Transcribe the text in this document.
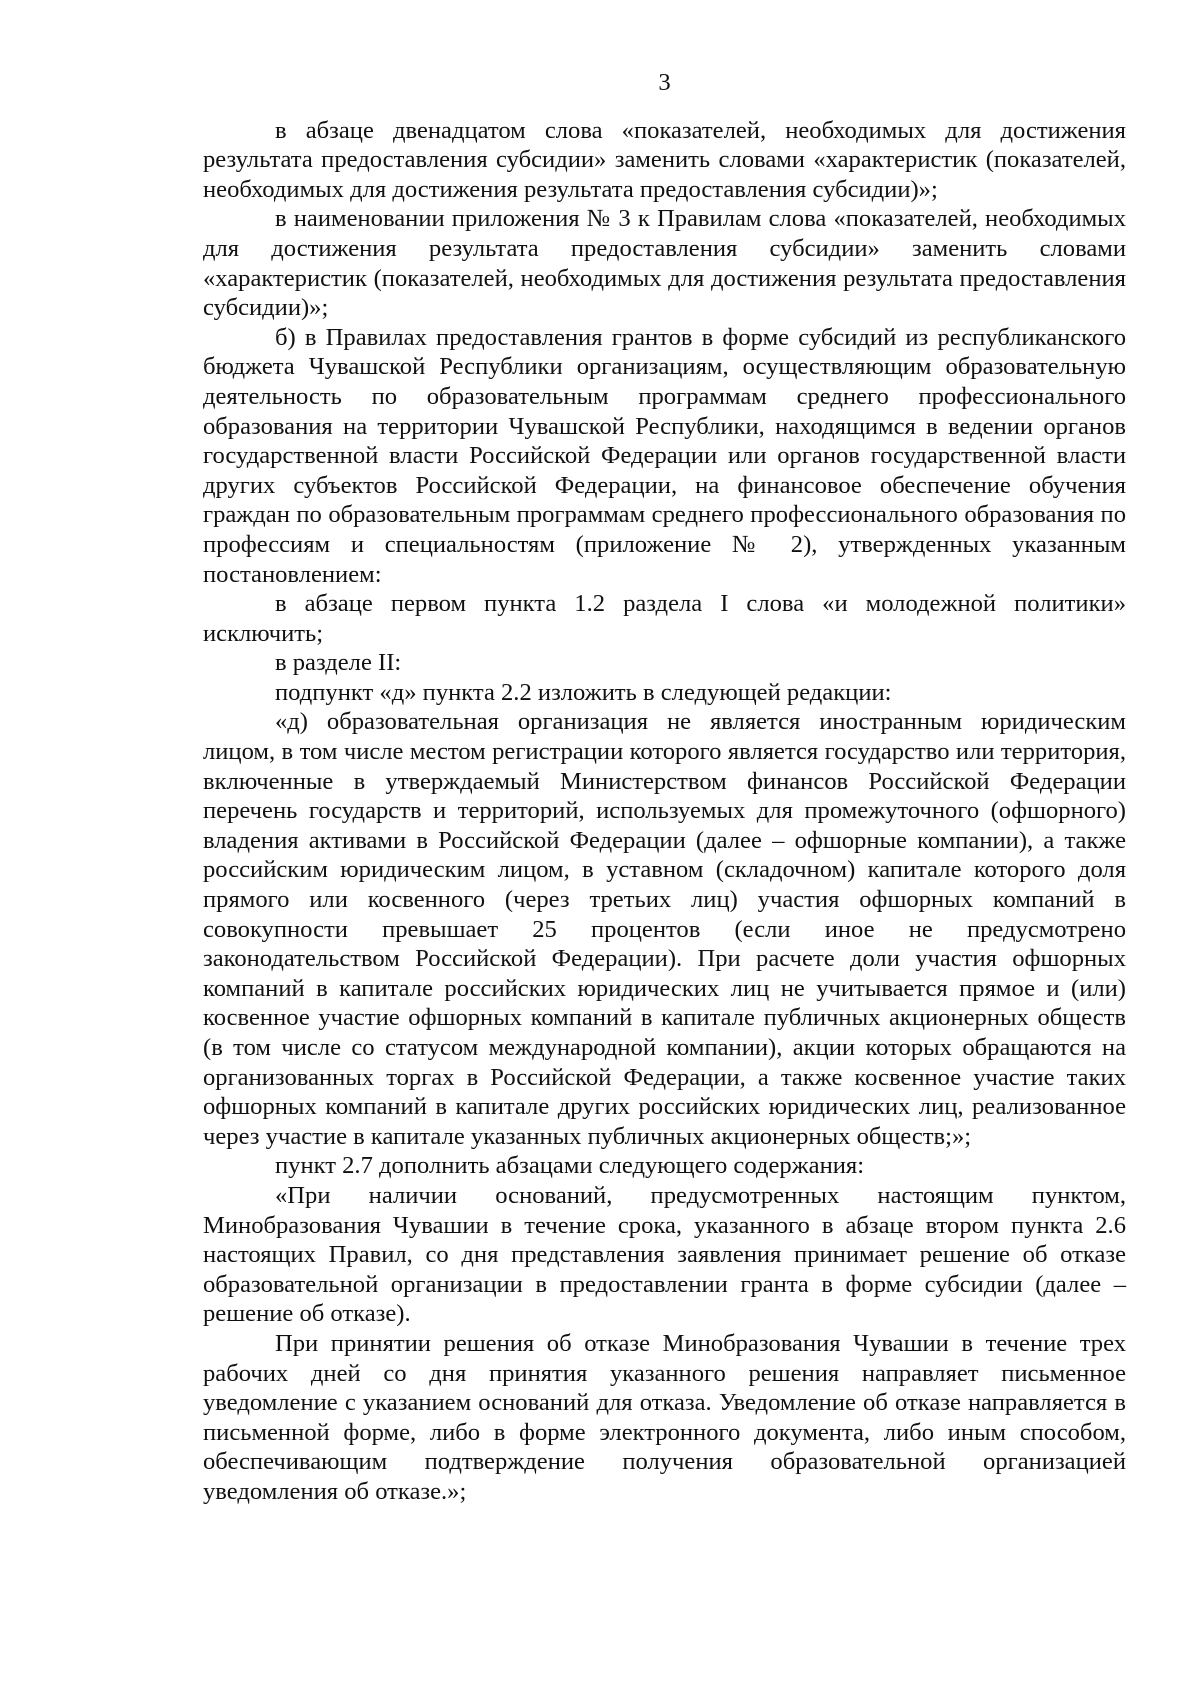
3

в абзаце двенадцатом слова «показателей, необходимых для достижения результата предоставления субсидии» заменить словами «характеристик (показателей, необходимых для достижения результата предоставления субсидии)»;

в наименовании приложения № 3 к Правилам слова «показателей, необходимых для достижения результата предоставления субсидии» заменить словами «характеристик (показателей, необходимых для достижения результата предоставления субсидии)»;

б) в Правилах предоставления грантов в форме субсидий из республиканского бюджета Чувашской Республики организациям, осуществляющим образовательную деятельность по образовательным программам среднего профессионального образования на территории Чувашской Республики, находящимся в ведении органов государственной власти Российской Федерации или органов государственной власти других субъектов Российской Федерации, на финансовое обеспечение обучения граждан по образовательным программам среднего профессионального образования по профессиям и специальностям (приложение № 2), утвержденных указанным постановлением:

в абзаце первом пункта 1.2 раздела I слова «и молодежной политики» исключить;

в разделе II:

подпункт «д» пункта 2.2 изложить в следующей редакции:

«д) образовательная организация не является иностранным юридическим лицом, в том числе местом регистрации которого является государство или территория, включенные в утверждаемый Министерством финансов Российской Федерации перечень государств и территорий, используемых для промежуточного (офшорного) владения активами в Российской Федерации (далее – офшорные компании), а также российским юридическим лицом, в уставном (складочном) капитале которого доля прямого или косвенного (через третьих лиц) участия офшорных компаний в совокупности превышает 25 процентов (если иное не предусмотрено законодательством Российской Федерации). При расчете доли участия офшорных компаний в капитале российских юридических лиц не учитывается прямое и (или) косвенное участие офшорных компаний в капитале публичных акционерных обществ (в том числе со статусом международной компании), акции которых обращаются на организованных торгах в Российской Федерации, а также косвенное участие таких офшорных компаний в капитале других российских юридических лиц, реализованное через участие в капитале указанных публичных акционерных обществ;»;

пункт 2.7 дополнить абзацами следующего содержания:

«При наличии оснований, предусмотренных настоящим пунктом, Минобразования Чувашии в течение срока, указанного в абзаце втором пункта 2.6 настоящих Правил, со дня представления заявления принимает решение об отказе образовательной организации в предоставлении гранта в форме субсидии (далее – решение об отказе).

При принятии решения об отказе Минобразования Чувашии в течение трех рабочих дней со дня принятия указанного решения направляет письменное уведомление с указанием оснований для отказа. Уведомление об отказе направляется в письменной форме, либо в форме электронного документа, либо иным способом, обеспечивающим подтверждение получения образовательной организацией уведомления об отказе.»;
